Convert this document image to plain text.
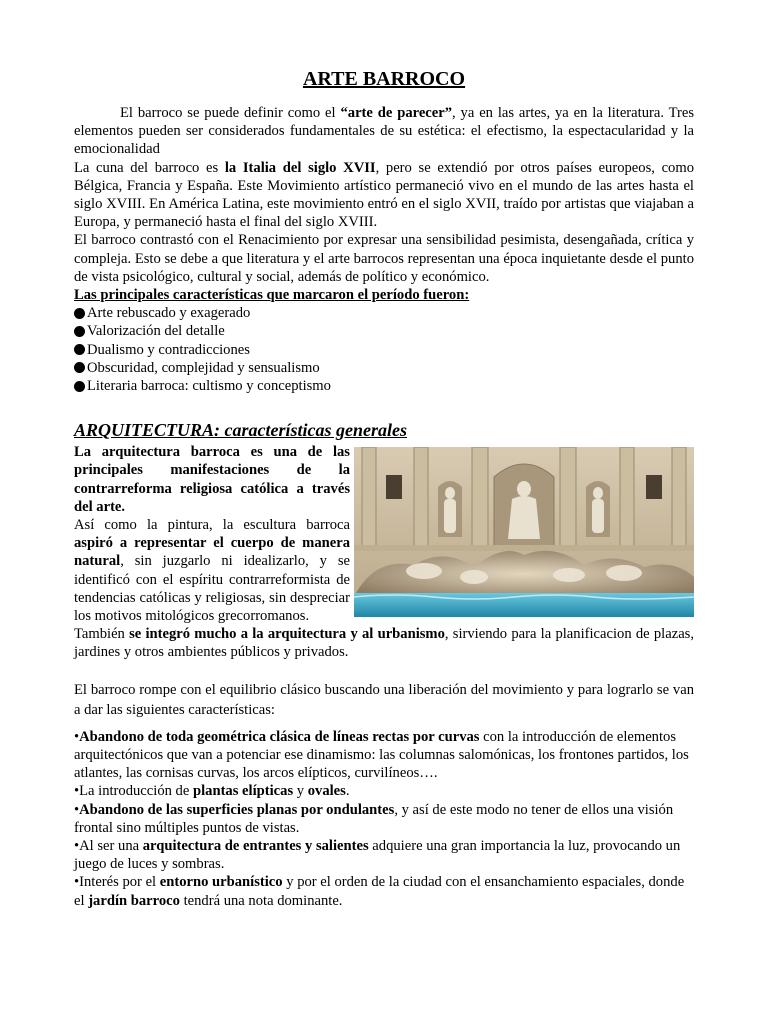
ARTE BARROCO

El barroco se puede definir como el “arte de parecer”, ya en las artes, ya en la literatura. Tres elementos pueden ser considerados fundamentales de su estética: el efectismo, la espectacularidad y la emocionalidad

La cuna del barroco es la Italia del siglo XVII, pero se extendió por otros países europeos, como Bélgica, Francia y España. Este Movimiento artístico permaneció vivo en el mundo de las artes hasta el siglo XVIII. En América Latina, este movimiento entró en el siglo XVII, traído por artistas que viajaban a Europa, y permaneció hasta el final del siglo XVIII.

El barroco contrastó con el Renacimiento por expresar una sensibilidad pesimista, desengañada, crítica y compleja. Esto se debe a que literatura y el arte barrocos representan una época inquietante desde el punto de vista psicológico, cultural y social, además de político y económico.

Las principales características que marcaron el período fueron:

Arte rebuscado y exagerado
Valorización del detalle
Dualismo y contradicciones
Obscuridad, complejidad y sensualismo
Literaria barroca: cultismo y conceptismo
ARQUITECTURA: características generales

La arquitectura barroca es una de las principales manifestaciones de la contrarreforma religiosa católica a través del arte.

Así como la pintura, la escultura barroca aspiró a representar el cuerpo de manera natural, sin juzgarlo ni idealizarlo, y se identificó con el espíritu contrarreformista de tendencias católicas y religiosas, sin despreciar los motivos mitológicos grecorromanos.

También se integró mucho a la arquitectura y al urbanismo, sirviendo para la planificacion de plazas, jardines y otros ambientes públicos y privados.

El barroco rompe con el equilibrio clásico buscando una liberación del movimiento y para lograrlo se van a dar las siguientes características:

•Abandono de toda geométrica clásica de líneas rectas por curvas con la introducción de elementos arquitectónicos que van a potenciar ese dinamismo: las columnas salomónicas, los frontones partidos, los atlantes, las cornisas curvas, los arcos elípticos, curvilíneos….

•La introducción de plantas elípticas y ovales.

•Abandono de las superficies planas por ondulantes, y así de este modo no tener de ellos una visión frontal sino múltiples puntos de vistas.

•Al ser una arquitectura de entrantes y salientes adquiere una gran importancia la luz, provocando un juego de luces y sombras.

•Interés por el entorno urbanístico y por el orden de la ciudad con el ensanchamiento espaciales, donde el jardín barroco tendrá una nota dominante.
